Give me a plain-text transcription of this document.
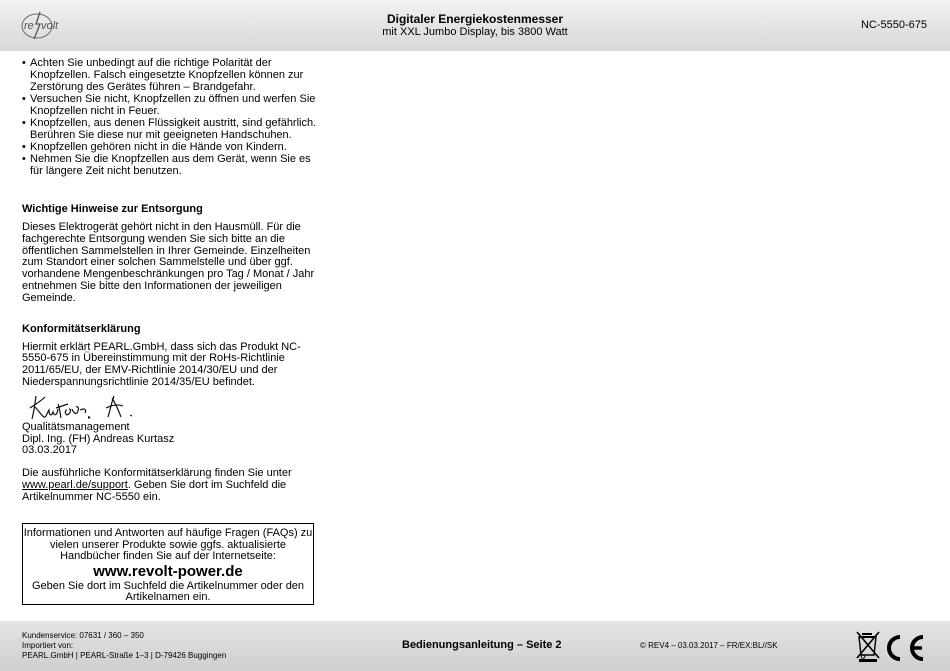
re volt	Digitaler Energiekostenmesser
mit XXL Jumbo Display, bis 3800 Watt
NC-5550-675
• Achten Sie unbedingt auf die richtige Polarität der Knopfzellen. Falsch eingesetzte Knopfzellen können zur Zerstörung des Gerätes führen – Brandgefahr.
• Versuchen Sie nicht, Knopfzellen zu öffnen und werfen Sie Knopfzellen nicht in Feuer.
• Knopfzellen, aus denen Flüssigkeit austritt, sind gefährlich. Berühren Sie diese nur mit geeigneten Handschuhen.
• Knopfzellen gehören nicht in die Hände von Kindern.
• Nehmen Sie die Knopfzellen aus dem Gerät, wenn Sie es für längere Zeit nicht benutzen.
Wichtige Hinweise zur Entsorgung

Dieses Elektrogerät gehört nicht in den Hausmüll. Für die fachgerechte Entsorgung wenden Sie sich bitte an die öffentlichen Sammelstellen in Ihrer Gemeinde. Einzelheiten zum Standort einer solchen Sammelstelle und über ggf. vorhandene Mengenbeschränkungen pro Tag / Monat / Jahr entnehmen Sie bitte den Informationen der jeweiligen Gemeinde.

Konformitätserklärung

Hiermit erklärt PEARL.GmbH, dass sich das Produkt NC-5550-675 in Übereinstimmung mit der RoHs-Richtlinie 2011/65/EU, der EMV-Richtlinie 2014/30/EU und der Niederspannungsrichtlinie 2014/35/EU befindet.

Qualitätsmanagement

Dipl. Ing. (FH) Andreas Kurtasz

03.03.2017

Die ausführliche Konformitätserklärung finden Sie unter www.pearl.de/support. Geben Sie dort im Suchfeld die Artikelnummer NC-5550 ein.

Informationen und Antworten auf häufige Fragen (FAQs) zu vielen unserer Produkte sowie ggfs. aktualisierte Handbücher finden Sie auf der Internetseite:
www.revolt-power.de
Geben Sie dort im Suchfeld die Artikelnummer oder den Artikelnamen ein.
Kundenservice: 07631 / 360 – 350
Importiert von:
PEARL.GmbH | PEARL-Straße 1–3 | D-79426 Buggingen
Bedienungsanleitung – Seite 2	© REV4 – 03.03.2017 – FR/EX:BL//SK
